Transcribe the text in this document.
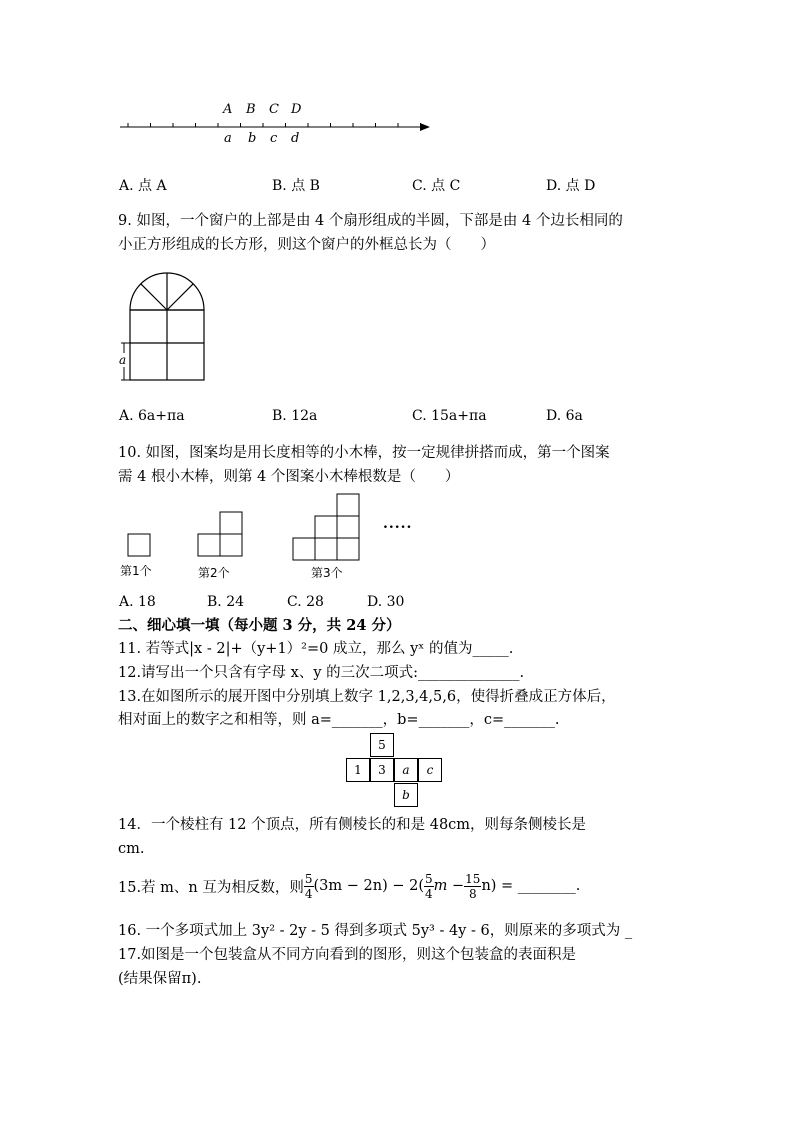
A B C D
a b c d
A. 点 A	B. 点 B	C. 点 C	D. 点 D
9. 如图，一个窗户的上部是由 4 个扇形组成的半圆，下部是由 4 个边长相同的
小正方形组成的长方形，则这个窗户的外框总长为（　　）
a
A. 6a+πa	B. 12a	C. 15a+πa	D. 6a
10. 如图，图案均是用长度相等的小木棒，按一定规律拼搭而成，第一个图案
需 4 根小木棒，则第 4 个图案小木棒根数是（　　）
.....
第1个	第2个	第3个
A. 18	B. 24	C. 28	D. 30
二、细心填一填（每小题 3 分，共 24 分）
11. 若等式|x - 2|+（y+1）²=0 成立，那么 yˣ 的值为_____.
12.请写出一个只含有字母 x、y 的三次二项式:______________.
13.在如图所示的展开图中分别填上数字 1,2,3,4,5,6，使得折叠成正方体后，
相对面上的数字之和相等，则 a=_______，b=_______，c=_______.
5
1	3	a	c
b
14．一个棱柱有 12 个顶点，所有侧棱长的和是 48cm，则每条侧棱长是
cm.
15.若 m、n 互为相反数，则 $\frac{5}{4} (3m - 2n) - 2( \frac{5}{4}$ $m - \frac{15}{8} n$) = ________.
16. 一个多项式加上 3y² - 2y - 5 得到多项式 5y³ - 4y - 6，则原来的多项式为 _
17.如图是一个包装盒从不同方向看到的图形，则这个包装盒的表面积是
(结果保留π).
